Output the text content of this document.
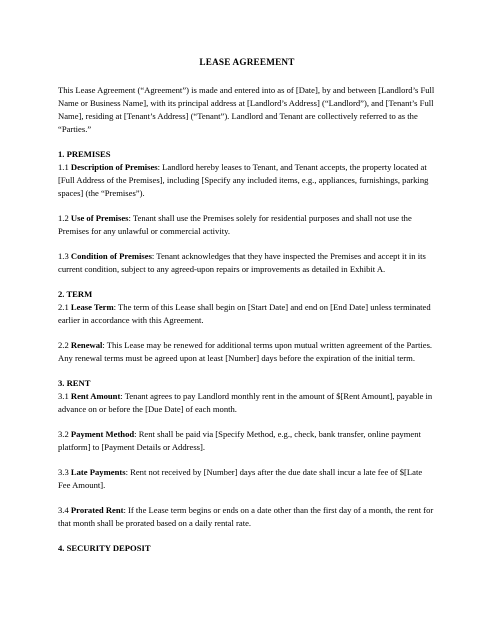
LEASE AGREEMENT

This Lease Agreement (“Agreement”) is made and entered into as of [Date], by and between [Landlord’s Full Name or Business Name], with its principal address at [Landlord’s Address] (“Landlord”), and [Tenant’s Full Name], residing at [Tenant’s Address] (“Tenant”). Landlord and Tenant are collectively referred to as the “Parties.”

1. PREMISES

1.1 Description of Premises: Landlord hereby leases to Tenant, and Tenant accepts, the property located at [Full Address of the Premises], including [Specify any included items, e.g., appliances, furnishings, parking spaces] (the “Premises”).

1.2 Use of Premises: Tenant shall use the Premises solely for residential purposes and shall not use the Premises for any unlawful or commercial activity.

1.3 Condition of Premises: Tenant acknowledges that they have inspected the Premises and accept it in its current condition, subject to any agreed-upon repairs or improvements as detailed in Exhibit A.

2. TERM

2.1 Lease Term: The term of this Lease shall begin on [Start Date] and end on [End Date] unless terminated earlier in accordance with this Agreement.

2.2 Renewal: This Lease may be renewed for additional terms upon mutual written agreement of the Parties. Any renewal terms must be agreed upon at least [Number] days before the expiration of the initial term.

3. RENT

3.1 Rent Amount: Tenant agrees to pay Landlord monthly rent in the amount of $[Rent Amount], payable in advance on or before the [Due Date] of each month.

3.2 Payment Method: Rent shall be paid via [Specify Method, e.g., check, bank transfer, online payment platform] to [Payment Details or Address].

3.3 Late Payments: Rent not received by [Number] days after the due date shall incur a late fee of $[Late Fee Amount].

3.4 Prorated Rent: If the Lease term begins or ends on a date other than the first day of a month, the rent for that month shall be prorated based on a daily rental rate.

4. SECURITY DEPOSIT
